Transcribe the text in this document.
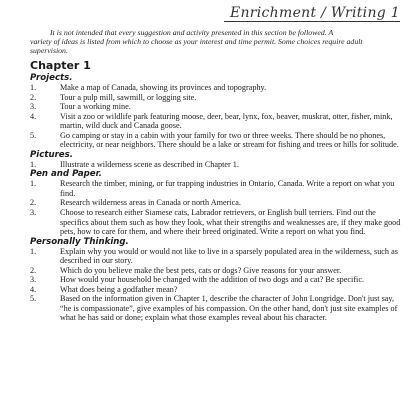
Enrichment / Writing 1
It is not intended that every suggestion and activity presented in this section be followed. A
variety of ideas is listed from which to choose as your interest and time permit. Some choices require adult supervision.
Chapter 1
Projects.
1.	Make a map of Canada, showing its provinces and topography.
2.	Tour a pulp mill, sawmill, or logging site.
3.	Tour a working mine.
4.	Visit a zoo or wildlife park featuring moose, deer, bear, lynx, fox, beaver, muskrat, otter, fisher, mink, martin, wild duck and Canada goose.
5.	Go camping or stay in a cabin with your family for two or three weeks. There should be no phones, electricity, or near neighbors. There should be a lake or stream for fishing and trees or hills for solitude.
Pictures.
1.	Illustrate a wilderness scene as described in Chapter 1.
Pen and Paper.
1.	Research the timber, mining, or fur trapping industries in Ontario, Canada. Write a report on what you find.
2.	Research wilderness areas in Canada or north America.
3.	Choose to research either Siamese cats, Labrador retrievers, or English bull terriers. Find out the specifics about them such as how they look, what their strengths and weaknesses are, if they make good pets, how to care for them, and where their breed originated. Write a report on what you find.
Personally Thinking.
1.	Explain why you would or would not like to live in a sparsely populated area in the wilderness, such as described in our story.
2.	Which do you believe make the best pets, cats or dogs? Give reasons for your answer.
3.	How would your household be changed with the addition of two dogs and a cat? Be specific.
4.	What does being a godfather mean?
5.	Based on the information given in Chapter 1, describe the character of John Longridge. Don't just say, “he is compassionate”, give examples of his compassion. On the other hand, don't just site examples of what he has said or done; explain what those examples reveal about his character.
